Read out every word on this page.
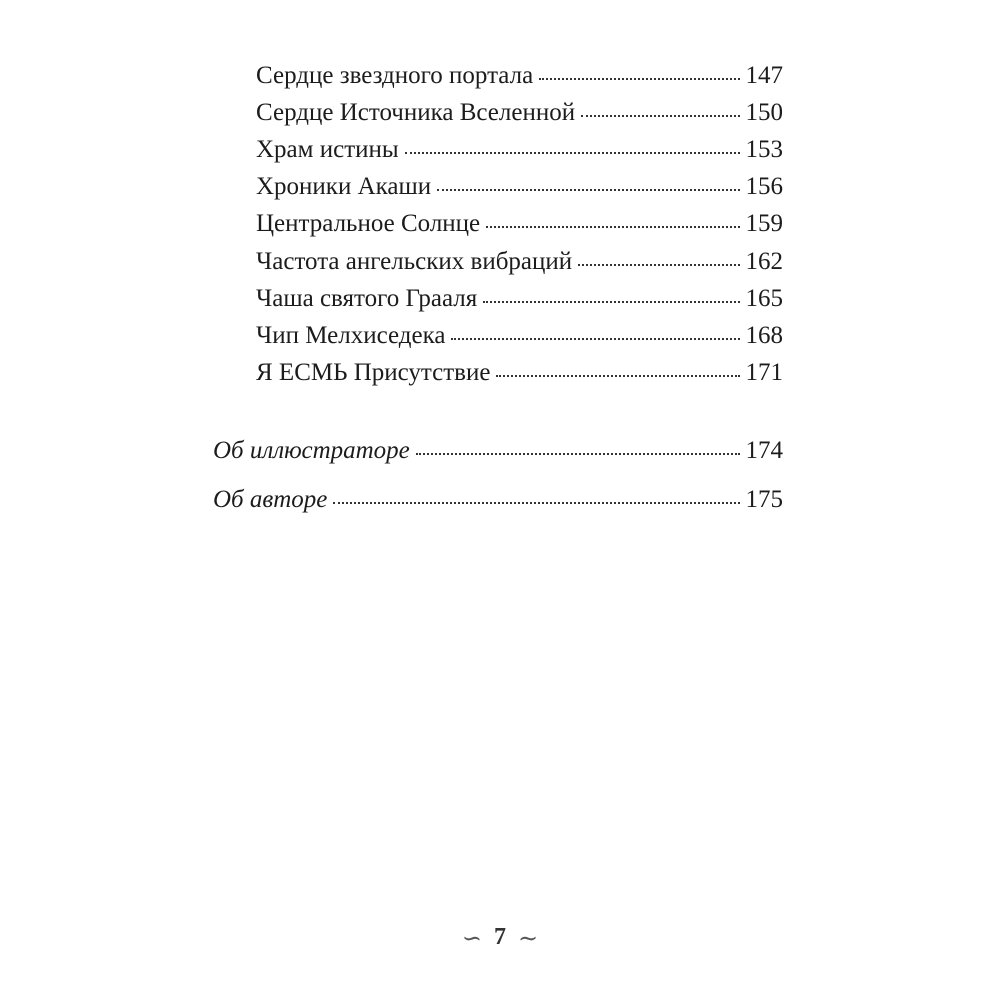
Сердце звездного портала	147
Сердце Источника Вселенной	150
Храм истины	153
Хроники Акаши	156
Центральное Солнце	159
Частота ангельских вибраций	162
Чаша святого Грааля	165
Чип Мелхиседека	168
Я ЕСМЬ Присутствие	171
Об иллюстраторе	174
Об авторе	175
∽ 7 ∼
